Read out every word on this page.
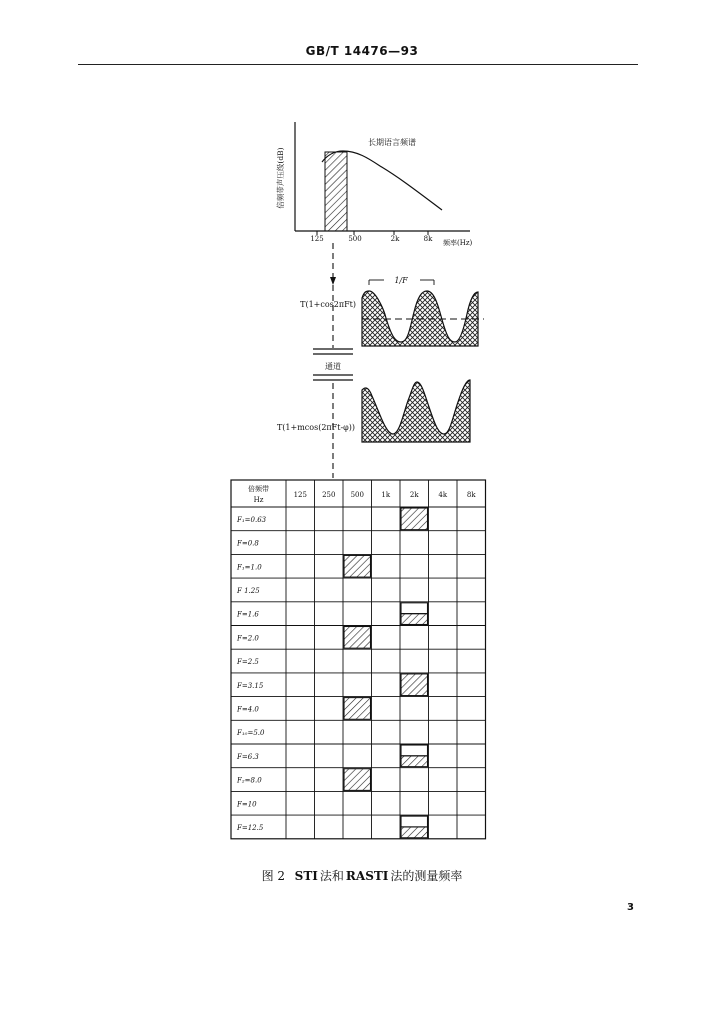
GB/T 14476—93
倍频带声压级(dB)
长期语言频谱
125	500	2k	8k 频率(Hz)
1/F
T(1+cos2πFt)
通道
T(1+mcos(2πFt-φ))
倍频带
Hz
125 250 500 1k	2k	4k	8k
F₁=0.63
F=0.8
F₁=1.0
F 1.25
F=1.6
F=2.0
F=2.5
F=3.15
F=4.0
F₁₀=5.0
F=6.3
F₂=8.0
F=10
F=12.5
图 2 STI 法和 RASTI 法的测量频率
3
